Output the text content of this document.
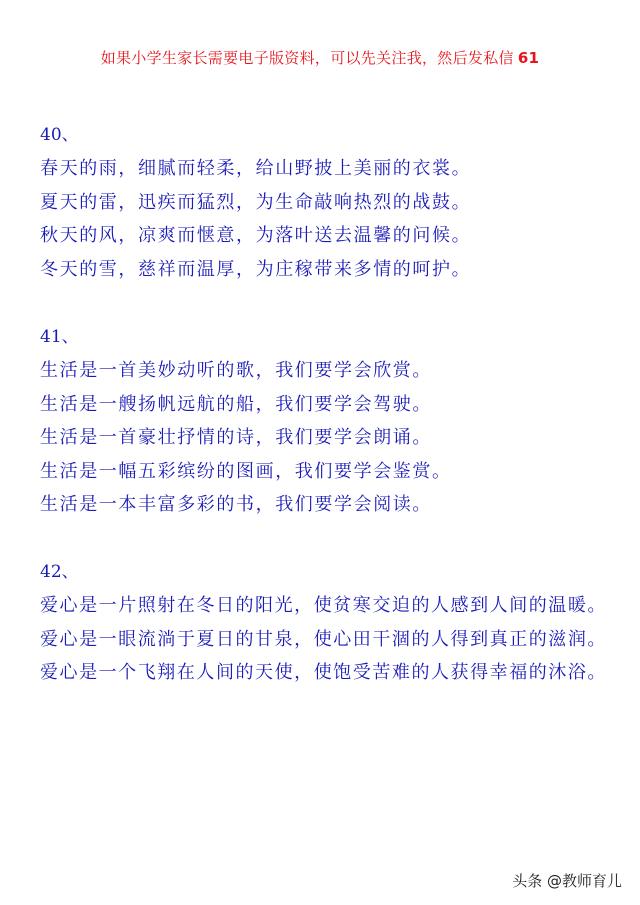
如果小学生家长需要电子版资料，可以先关注我，然后发私信 61
40、
春天的雨，细腻而轻柔，给山野披上美丽的衣裳。
夏天的雷，迅疾而猛烈，为生命敲响热烈的战鼓。
秋天的风，凉爽而惬意，为落叶送去温馨的问候。
冬天的雪，慈祥而温厚，为庄稼带来多情的呵护。
41、
生活是一首美妙动听的歌，我们要学会欣赏。
生活是一艘扬帆远航的船，我们要学会驾驶。
生活是一首豪壮抒情的诗，我们要学会朗诵。
生活是一幅五彩缤纷的图画，我们要学会鉴赏。
生活是一本丰富多彩的书，我们要学会阅读。
42、
爱心是一片照射在冬日的阳光，使贫寒交迫的人感到人间的温暖。
爱心是一眼流淌于夏日的甘泉，使心田干涸的人得到真正的滋润。
爱心是一个飞翔在人间的天使，使饱受苦难的人获得幸福的沐浴。
头条 @教师育儿
